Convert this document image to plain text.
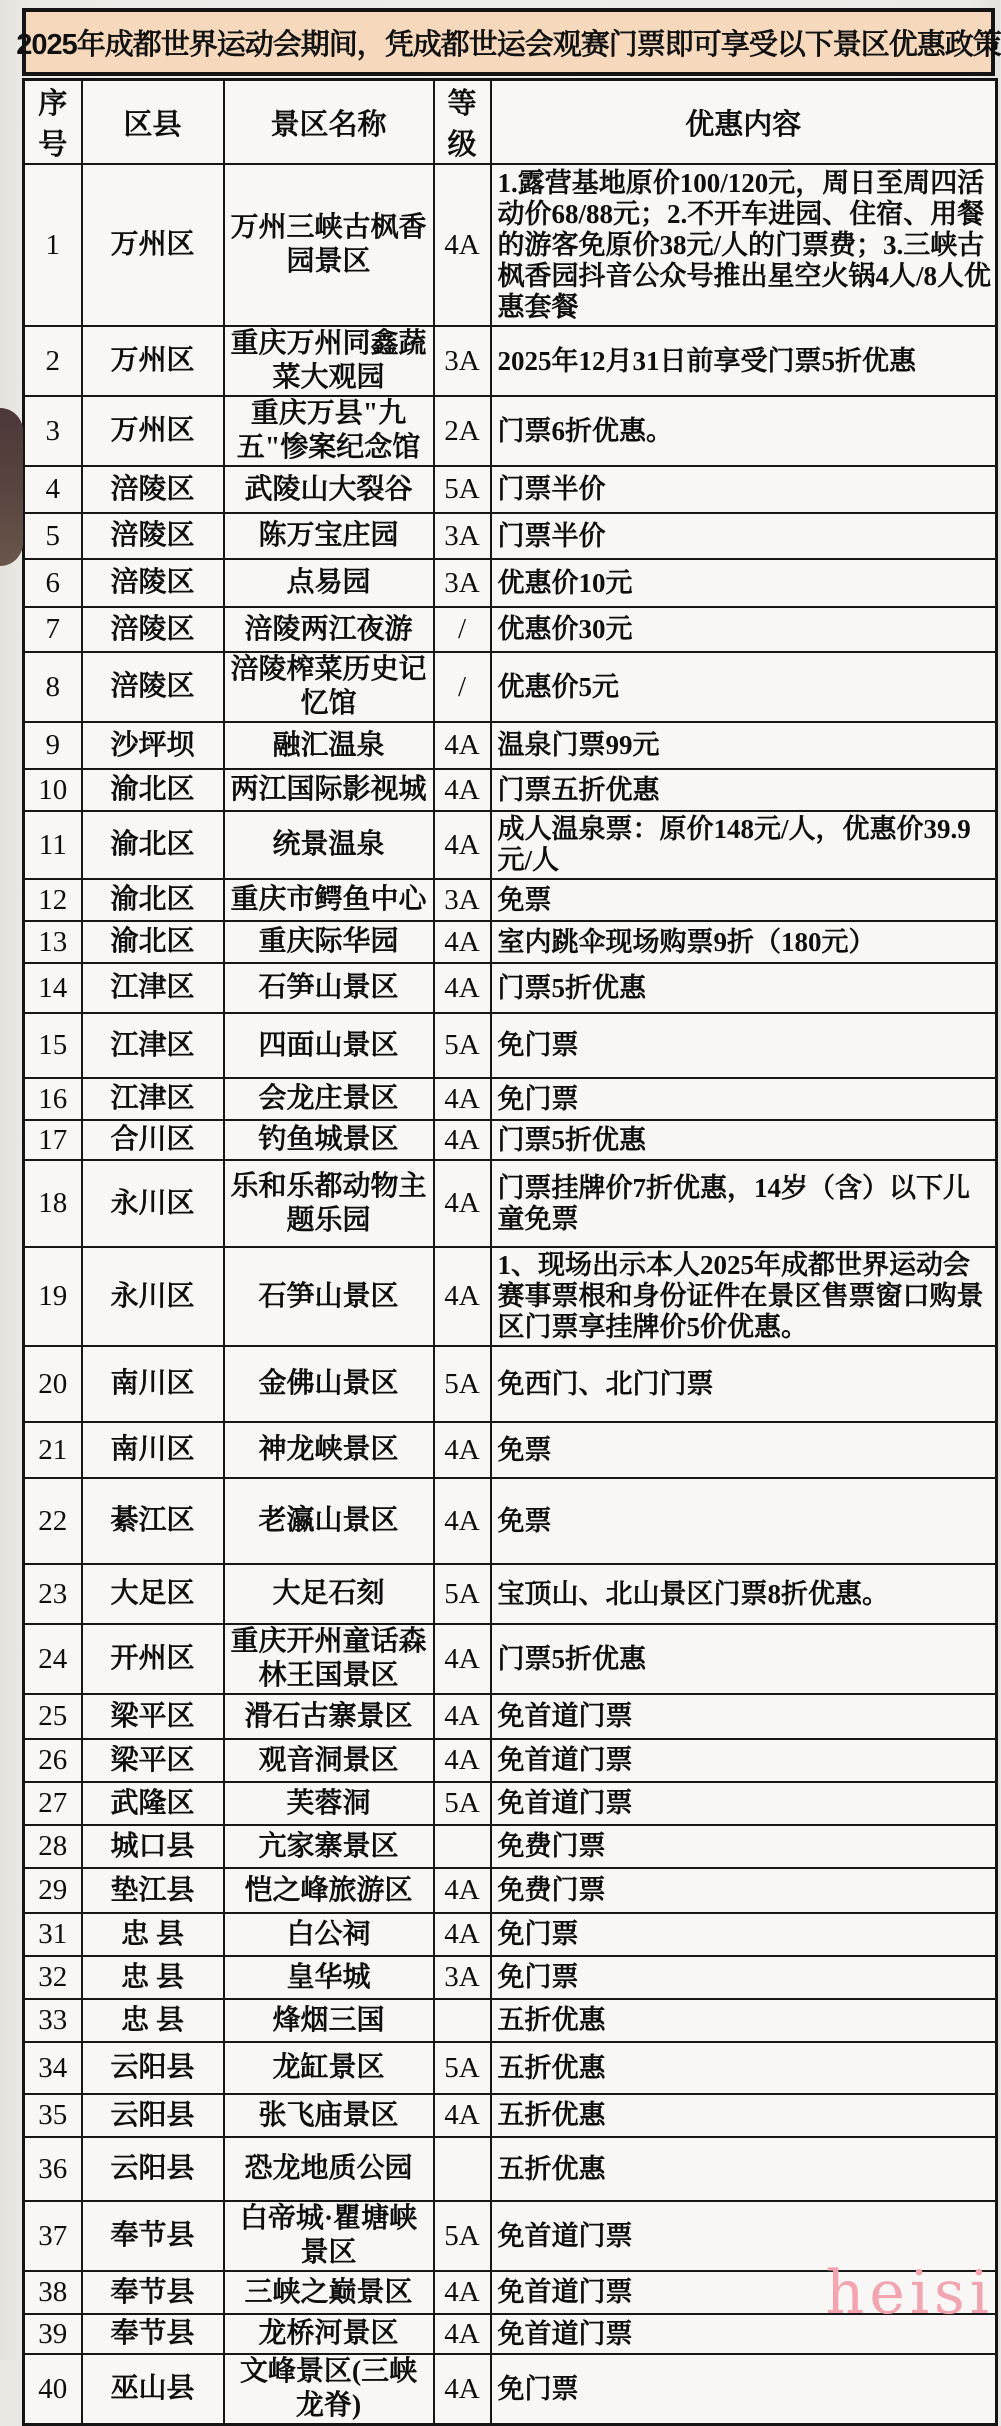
2025年成都世界运动会期间，凭成都世运会观赛门票即可享受以下景区优惠政策
序号	区县	景区名称	等级	优惠内容
1	万州区	万州三峡古枫香园景区	4A	1.露营基地原价100/120元，周日至周四活动价68/88元；2.不开车进园、住宿、用餐的游客免原价38元/人的门票费；3.三峡古枫香园抖音公众号推出星空火锅4人/8人优惠套餐
2	万州区	重庆万州同鑫蔬菜大观园	3A	2025年12月31日前享受门票5折优惠
3	万州区	重庆万县"九五"惨案纪念馆	2A	门票6折优惠。
4	涪陵区	武陵山大裂谷	5A	门票半价
5	涪陵区	陈万宝庄园	3A	门票半价
6	涪陵区	点易园	3A	优惠价10元
7	涪陵区	涪陵两江夜游	/	优惠价30元
8	涪陵区	涪陵榨菜历史记忆馆	/	优惠价5元
9	沙坪坝	融汇温泉	4A	温泉门票99元
10	渝北区	两江国际影视城	4A	门票五折优惠
11	渝北区	统景温泉	4A	成人温泉票：原价148元/人，优惠价39.9元/人
12	渝北区	重庆市鳄鱼中心	3A	免票
13	渝北区	重庆际华园	4A	室内跳伞现场购票9折（180元）
14	江津区	石笋山景区	4A	门票5折优惠
15	江津区	四面山景区	5A	免门票
16	江津区	会龙庄景区	4A	免门票
17	合川区	钓鱼城景区	4A	门票5折优惠
18	永川区	乐和乐都动物主题乐园	4A	门票挂牌价7折优惠，14岁（含）以下儿童免票
19	永川区	石笋山景区	4A	1、现场出示本人2025年成都世界运动会赛事票根和身份证件在景区售票窗口购景区门票享挂牌价5价优惠。
20	南川区	金佛山景区	5A	免西门、北门门票
21	南川区	神龙峡景区	4A	免票
22	綦江区	老瀛山景区	4A	免票
23	大足区	大足石刻	5A	宝顶山、北山景区门票8折优惠。
24	开州区	重庆开州童话森林王国景区	4A	门票5折优惠
25	梁平区	滑石古寨景区	4A	免首道门票
26	梁平区	观音洞景区	4A	免首道门票
27	武隆区	芙蓉洞	5A	免首道门票
28	城口县	亢家寨景区		免费门票
29	垫江县	恺之峰旅游区	4A	免费门票
31	忠 县	白公祠	4A	免门票
32	忠 县	皇华城	3A	免门票
33	忠 县	烽烟三国		五折优惠
34	云阳县	龙缸景区	5A	五折优惠
35	云阳县	张飞庙景区	4A	五折优惠
36	云阳县	恐龙地质公园		五折优惠
37	奉节县	白帝城·瞿塘峡景区	5A	免首道门票
38	奉节县	三峡之巅景区	4A	免首道门票
39	奉节县	龙桥河景区	4A	免首道门票
40	巫山县	文峰景区(三峡龙脊)	4A	免门票
heisi
